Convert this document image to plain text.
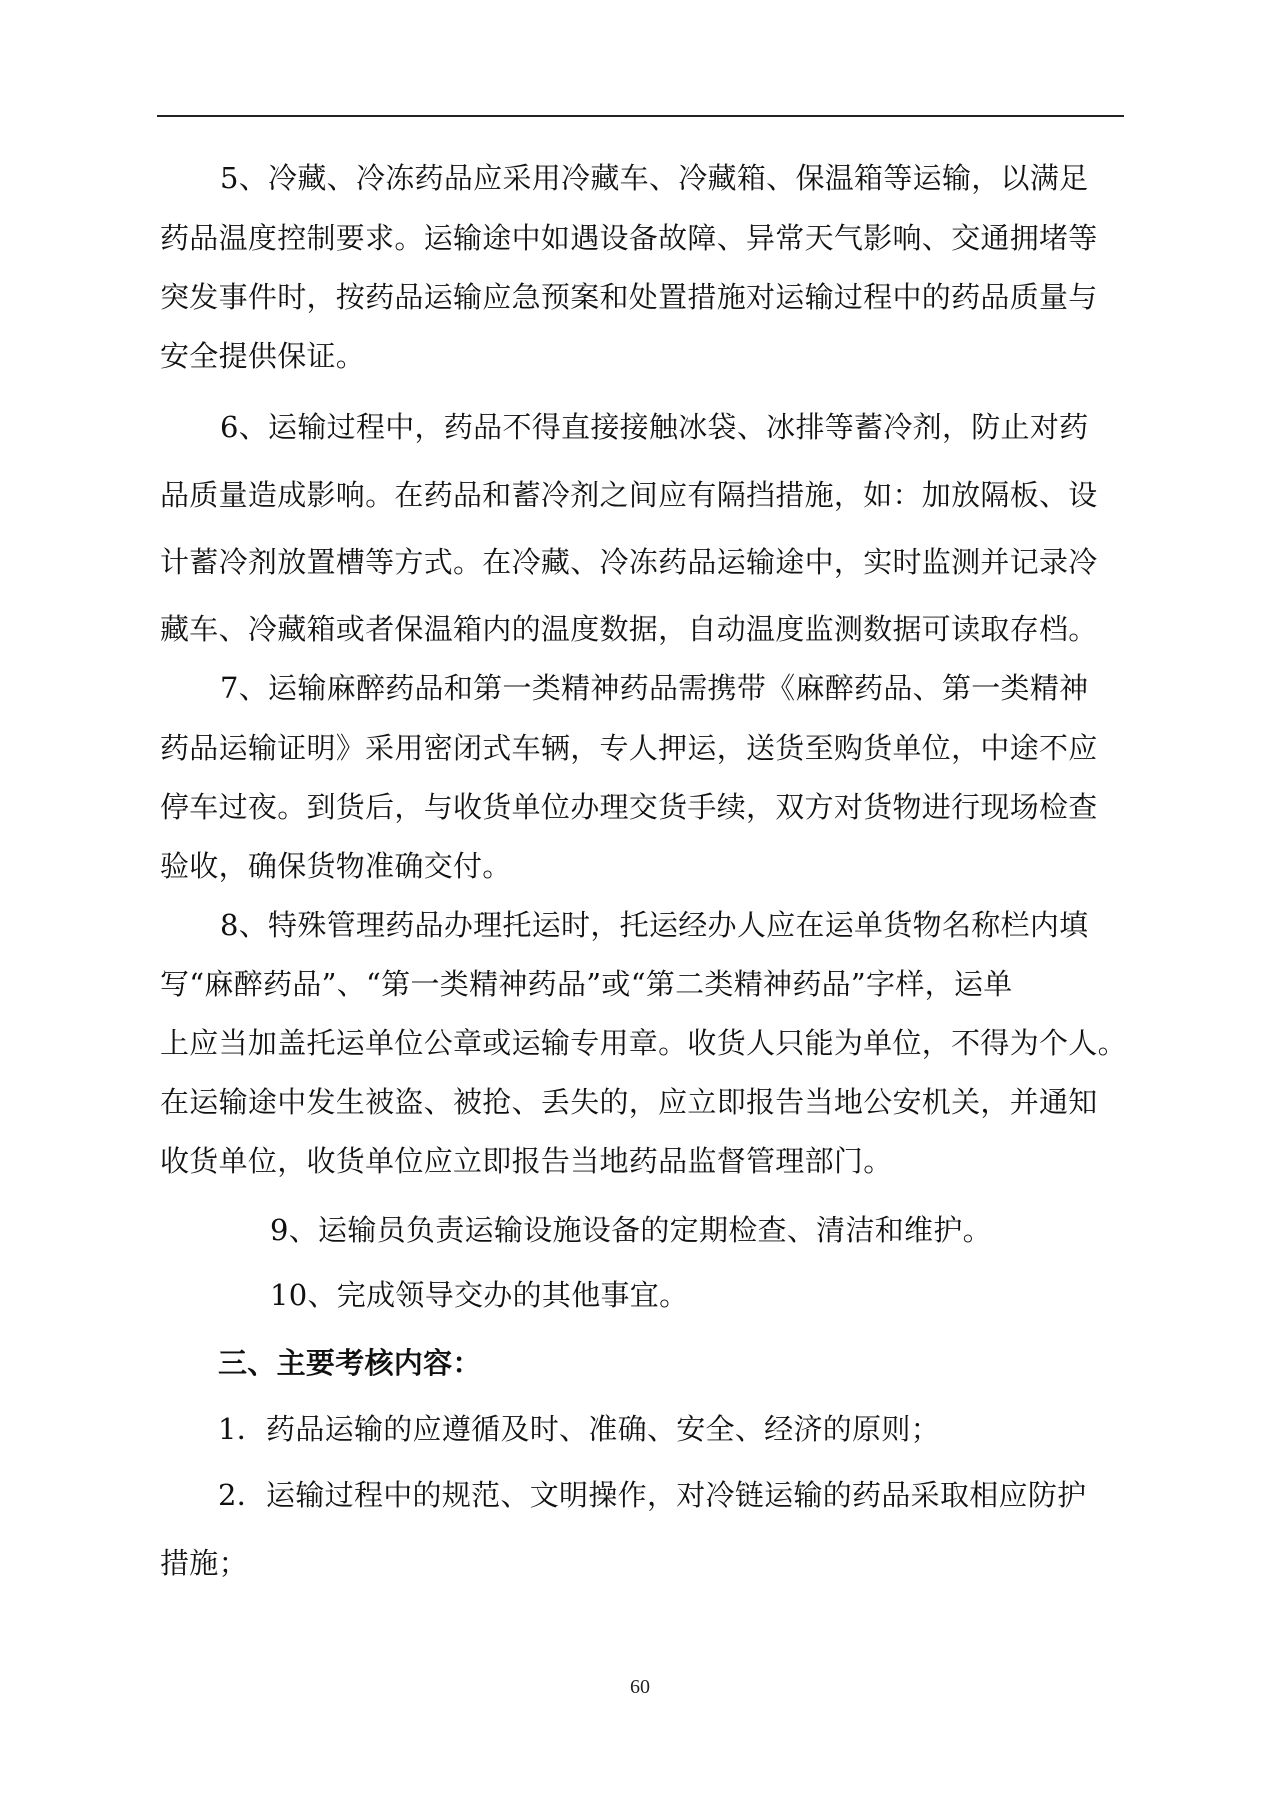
5、冷藏、冷冻药品应采用冷藏车、冷藏箱、保温箱等运输，以满足
药品温度控制要求。运输途中如遇设备故障、异常天气影响、交通拥堵等
突发事件时，按药品运输应急预案和处置措施对运输过程中的药品质量与
安全提供保证。
6、运输过程中，药品不得直接接触冰袋、冰排等蓄冷剂，防止对药
品质量造成影响。在药品和蓄冷剂之间应有隔挡措施，如：加放隔板、设
计蓄冷剂放置槽等方式。在冷藏、冷冻药品运输途中，实时监测并记录冷
藏车、冷藏箱或者保温箱内的温度数据，自动温度监测数据可读取存档。
7、运输麻醉药品和第一类精神药品需携带《麻醉药品、第一类精神
药品运输证明》采用密闭式车辆，专人押运，送货至购货单位，中途不应
停车过夜。到货后，与收货单位办理交货手续，双方对货物进行现场检查
验收，确保货物准确交付。
8、特殊管理药品办理托运时，托运经办人应在运单货物名称栏内填
写“麻醉药品”、“第一类精神药品”或“第二类精神药品”字样，运单
上应当加盖托运单位公章或运输专用章。收货人只能为单位，不得为个人。
在运输途中发生被盗、被抢、丢失的，应立即报告当地公安机关，并通知
收货单位，收货单位应立即报告当地药品监督管理部门。
9、运输员负责运输设施设备的定期检查、清洁和维护。
10、完成领导交办的其他事宜。
三、主要考核内容：
1．药品运输的应遵循及时、准确、安全、经济的原则；
2．运输过程中的规范、文明操作，对冷链运输的药品采取相应防护
措施；
60
